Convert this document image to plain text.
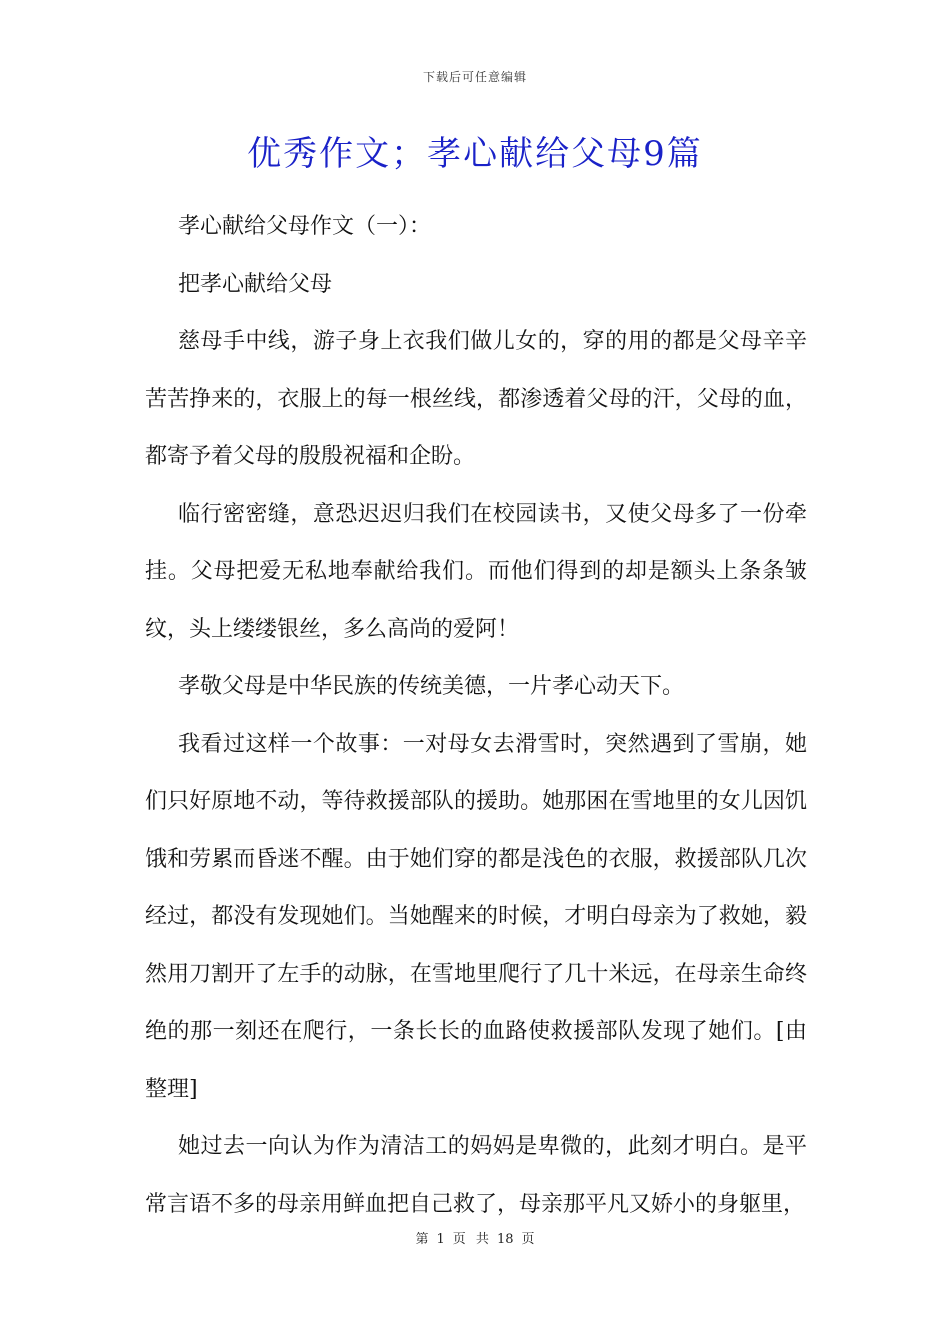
下载后可任意编辑
优秀作文；孝心献给父母9篇

孝心献给父母作文（一）：

把孝心献给父母

慈母手中线，游子身上衣我们做儿女的，穿的用的都是父母辛辛苦苦挣来的，衣服上的每一根丝线，都渗透着父母的汗，父母的血，都寄予着父母的殷殷祝福和企盼。

临行密密缝，意恐迟迟归我们在校园读书，又使父母多了一份牵挂。父母把爱无私地奉献给我们。而他们得到的却是额头上条条皱纹，头上缕缕银丝，多么高尚的爱阿！

孝敬父母是中华民族的传统美德，一片孝心动天下。

我看过这样一个故事：一对母女去滑雪时，突然遇到了雪崩，她们只好原地不动，等待救援部队的援助。她那困在雪地里的女儿因饥饿和劳累而昏迷不醒。由于她们穿的都是浅色的衣服，救援部队几次经过，都没有发现她们。当她醒来的时候，才明白母亲为了救她，毅然用刀割开了左手的动脉，在雪地里爬行了几十米远，在母亲生命终绝的那一刻还在爬行，一条长长的血路使救援部队发现了她们。[由整理]

她过去一向认为作为清洁工的妈妈是卑微的，此刻才明白。是平常言语不多的母亲用鲜血把自己救了，母亲那平凡又娇小的身躯里，

第 1 页 共 18 页
